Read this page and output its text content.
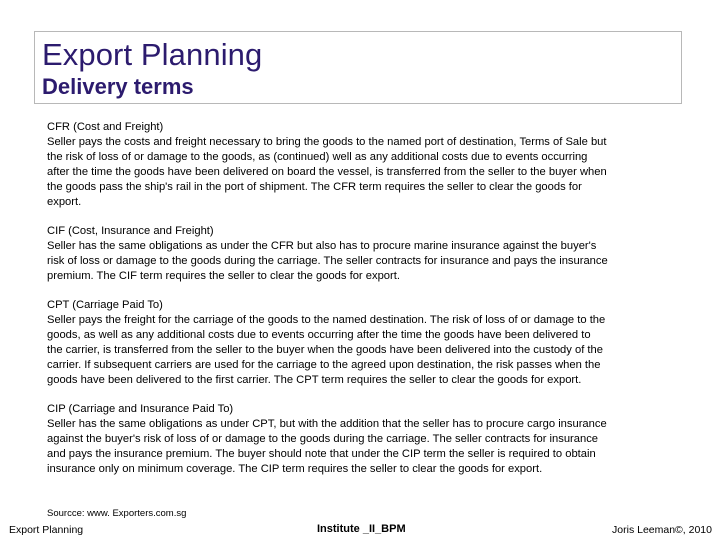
Export Planning
Delivery terms
CFR (Cost and Freight)
Seller pays the costs and freight necessary to bring the goods to the named port of destination, Terms of Sale but the risk of loss of or damage to the goods, as (continued) well as any additional costs due to events occurring after the time the goods have been delivered on board the vessel, is transferred from the seller to the buyer when the goods pass the ship's rail in the port of shipment. The CFR term requires the seller to clear the goods for export.
CIF (Cost, Insurance and Freight)
Seller has the same obligations as under the CFR but also has to procure marine insurance against the buyer's risk of loss or damage to the goods during the carriage. The seller contracts for insurance and pays the insurance premium. The CIF term requires the seller to clear the goods for export.
CPT (Carriage Paid To)
Seller pays the freight for the carriage of the goods to the named destination. The risk of loss of or damage to the goods, as well as any additional costs due to events occurring after the time the goods have been delivered to the carrier, is transferred from the seller to the buyer when the goods have been delivered into the custody of the carrier. If subsequent carriers are used for the carriage to the agreed upon destination, the risk passes when the goods have been delivered to the first carrier. The CPT term requires the seller to clear the goods for export.
CIP (Carriage and Insurance Paid To)
Seller has the same obligations as under CPT, but with the addition that the seller has to procure cargo insurance against the buyer's risk of loss of or damage to the goods during the carriage. The seller contracts for insurance and pays the insurance premium. The buyer should note that under the CIP term the seller is required to obtain insurance only on minimum coverage. The CIP term requires the seller to clear the goods for export.
Sourcce: www. Exporters.com.sg
Export Planning	Institute _II_BPM	Joris Leeman©, 2010
